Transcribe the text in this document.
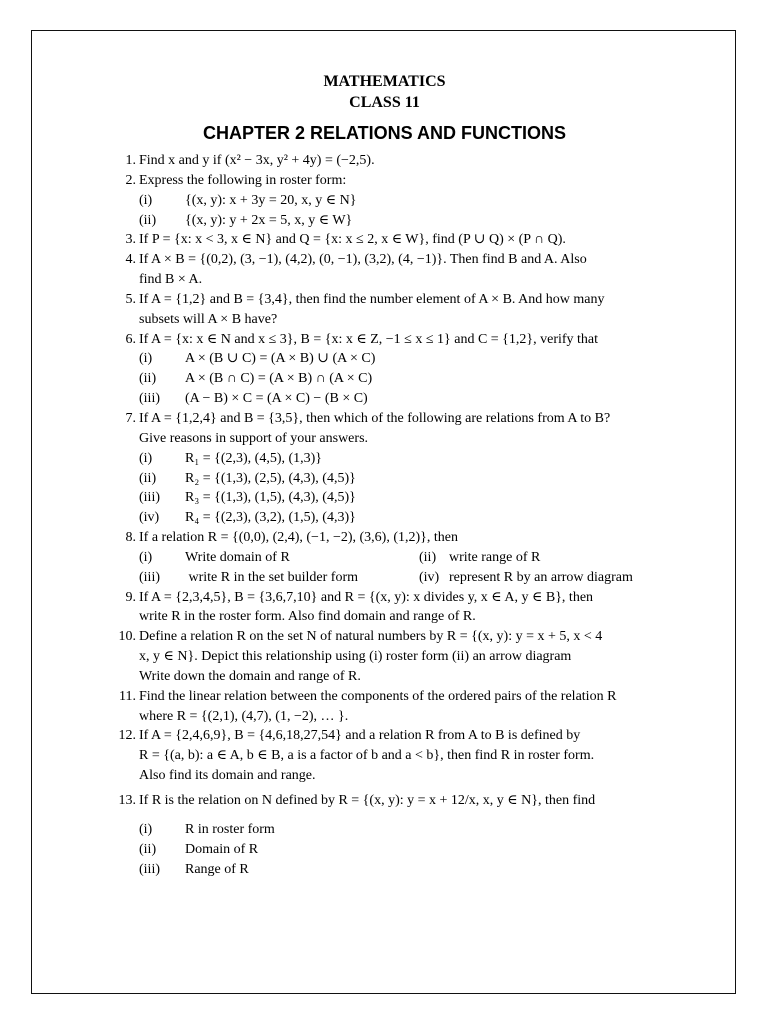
MATHEMATICS
CLASS 11
CHAPTER 2 RELATIONS AND FUNCTIONS
1. Find x and y if (x² − 3x, y² + 4y) = (−2,5).
2. Express the following in roster form:
(i) {(x, y): x + 3y = 20, x, y ∈ N}
(ii) {(x, y): y + 2x = 5, x, y ∈ W}
3. If P = {x: x < 3, x ∈ N} and Q = {x: x ≤ 2, x ∈ W}, find (P ∪ Q) × (P ∩ Q).
4. If A × B = {(0,2), (3, −1), (4,2), (0, −1), (3,2), (4, −1)}. Then find B and A. Also
find B × A.
5. If A = {1,2} and B = {3,4}, then find the number element of A × B. And how many
subsets will A × B have?
6. If A = {x: x ∈ N and x ≤ 3}, B = {x: x ∈ Z, −1 ≤ x ≤ 1} and C = {1,2}, verify that
(i) A × (B ∪ C) = (A × B) ∪ (A × C)
(ii) A × (B ∩ C) = (A × B) ∩ (A × C)
(iii) (A − B) × C = (A × C) − (B × C)
7. If A = {1,2,4} and B = {3,5}, then which of the following are relations from A to B?
Give reasons in support of your answers.
(i) R₁ = {(2,3), (4,5), (1,3)}
(ii) R₂ = {(1,3), (2,5), (4,3), (4,5)}
(iii) R₃ = {(1,3), (1,5), (4,3), (4,5)}
(iv) R₄ = {(2,3), (3,2), (1,5), (4,3)}
8. If a relation R = {(0,0), (2,4), (−1, −2), (3,6), (1,2)}, then
(i) Write domain of R	(ii) write range of R
(iii) write R in the set builder form	(iv) represent R by an arrow diagram
9. If A = {2,3,4,5}, B = {3,6,7,10} and R = {(x, y): x divides y, x ∈ A, y ∈ B}, then
write R in the roster form. Also find domain and range of R.
10. Define a relation R on the set N of natural numbers by R = {(x, y): y = x + 5, x < 4
x, y ∈ N}. Depict this relationship using (i) roster form (ii) an arrow diagram
Write down the domain and range of R.
11. Find the linear relation between the components of the ordered pairs of the relation R
where R = {(2,1), (4,7), (1, −2), … }.
12. If A = {2,4,6,9}, B = {4,6,18,27,54} and a relation R from A to B is defined by
R = {(a, b): a ∈ A, b ∈ B, a is a factor of b and a < b}, then find R in roster form.
Also find its domain and range.
13. If R is the relation on N defined by R = {(x, y): y = x + 12/x, x, y ∈ N}, then find
(i) R in roster form
(ii) Domain of R
(iii) Range of R
